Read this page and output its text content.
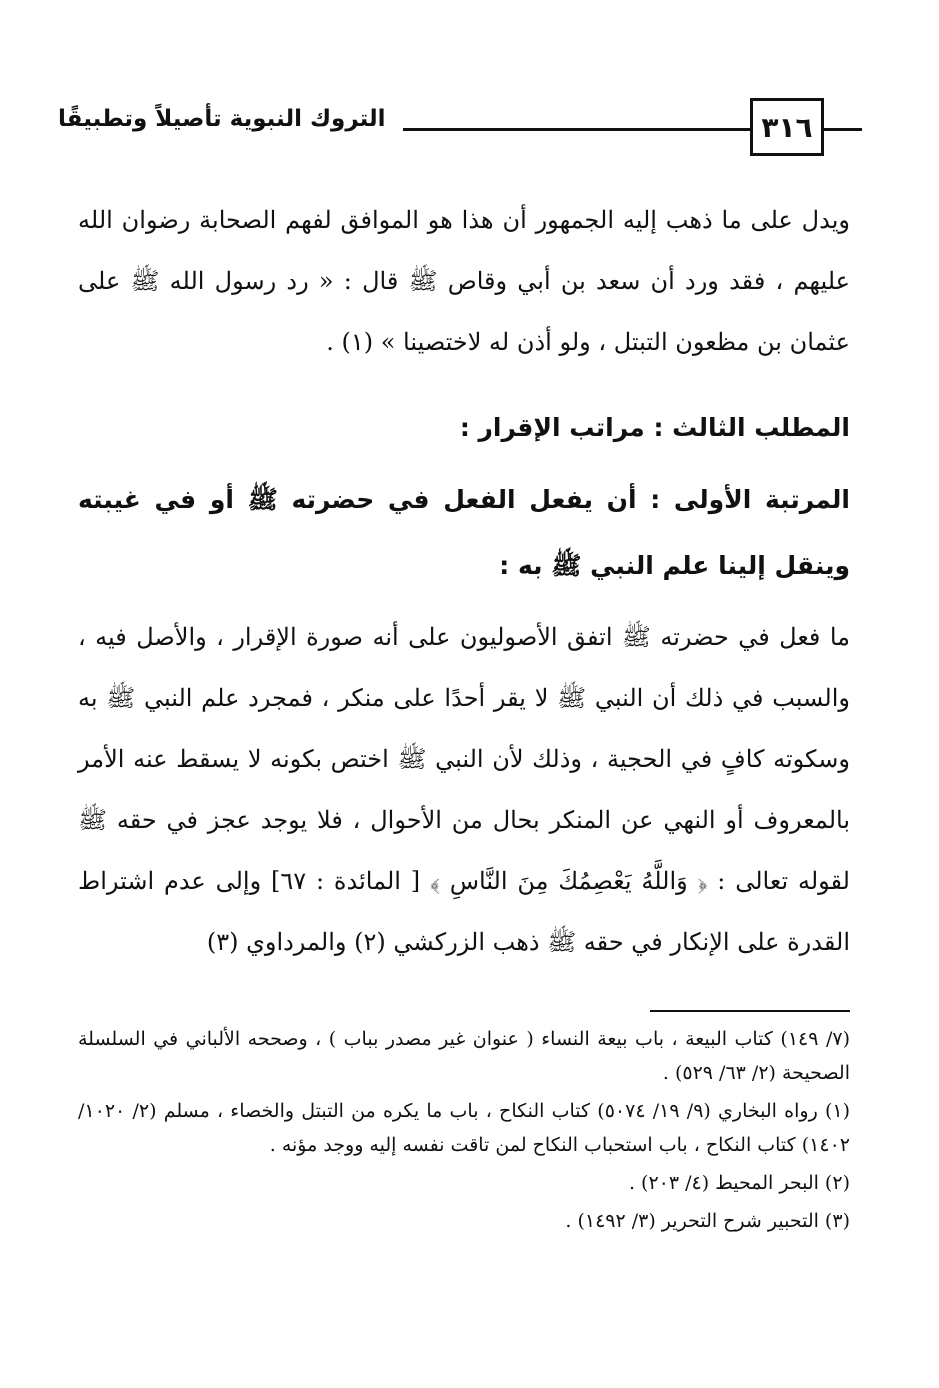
٣١٦
التروك النبوية تأصيلاً وتطبيقًا

ويدل على ما ذهب إليه الجمهور أن هذا هو الموافق لفهم الصحابة رضوان الله عليهم ، فقد ورد أن سعد بن أبي وقاص ﷺ قال : « رد رسول الله ﷺ على عثمان بن مظعون التبتل ، ولو أذن له لاختصينا » (١) .

المطلب الثالث : مراتب الإقرار :

المرتبة الأولى : أن يفعل الفعل في حضرته ﷺ أو في غيبته وينقل إلينا علم النبي ﷺ به :

ما فعل في حضرته ﷺ اتفق الأصوليون على أنه صورة الإقرار ، والأصل فيه ، والسبب في ذلك أن النبي ﷺ لا يقر أحدًا على منكر ، فمجرد علم النبي ﷺ به وسكوته كافٍ في الحجية ، وذلك لأن النبي ﷺ اختص بكونه لا يسقط عنه الأمر بالمعروف أو النهي عن المنكر بحال من الأحوال ، فلا يوجد عجز في حقه ﷺ لقوله تعالى : ﴿ وَاللَّهُ يَعْصِمُكَ مِنَ النَّاسِ ﴾ [ المائدة : ٦٧] وإلى عدم اشتراط القدرة على الإنكار في حقه ﷺ ذهب الزركشي (٢) والمرداوي (٣)

(٧/ ١٤٩) كتاب البيعة ، باب بيعة النساء ( عنوان غير مصدر بباب ) ، وصححه الألباني في السلسلة الصحيحة (٢/ ٦٣/ ٥٢٩) .

(١) رواه البخاري (٩/ ١٩/ ٥٠٧٤) كتاب النكاح ، باب ما يكره من التبتل والخصاء ، مسلم (٢/ ١٠٢٠/ ١٤٠٢) كتاب النكاح ، باب استحباب النكاح لمن تاقت نفسه إليه ووجد مؤنه .

(٢) البحر المحيط (٤/ ٢٠٣) .

(٣) التحبير شرح التحرير (٣/ ١٤٩٢) .
